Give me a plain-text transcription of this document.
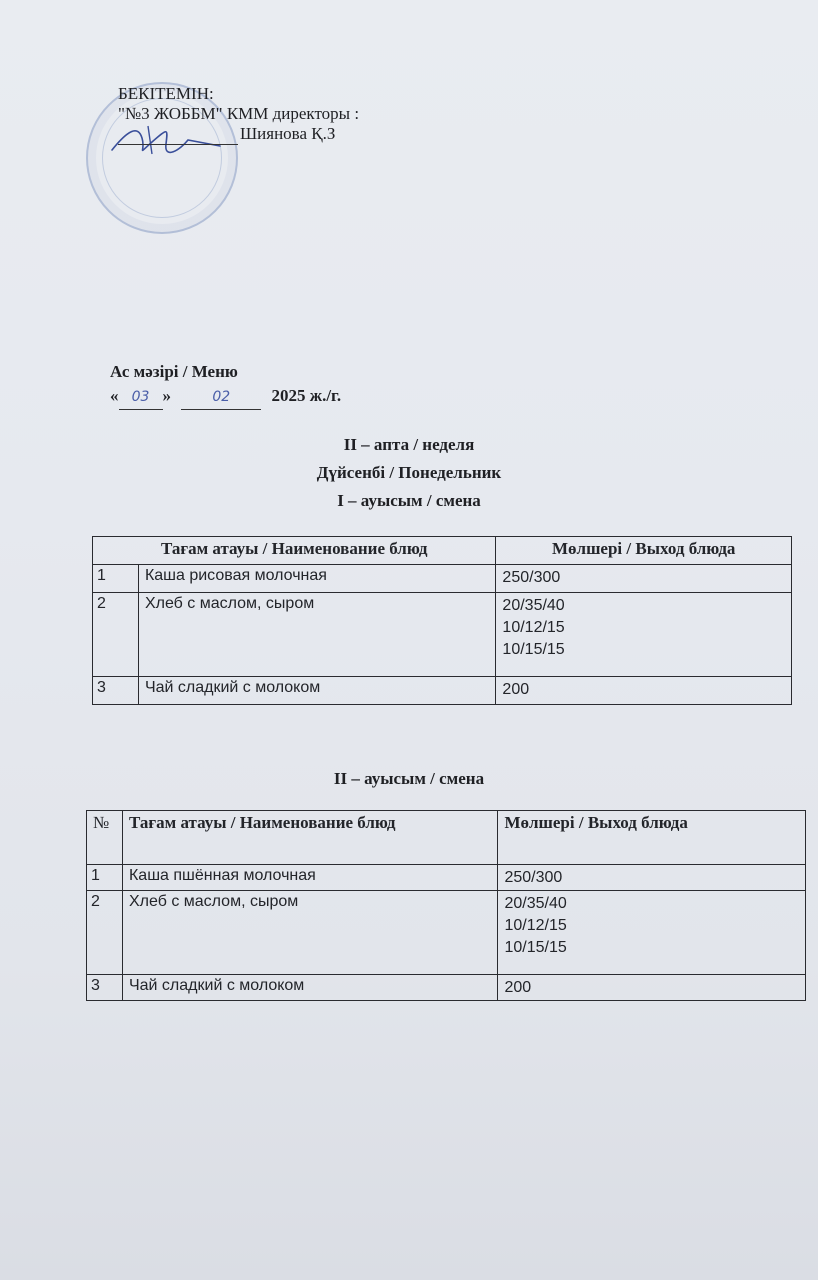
БЕКІТЕМІН:
"№3 ЖОББМ" КММ директоры :
Шиянова Қ.З
Ас мәзірі / Меню
« 03 »	02 2025 ж./г.
II – апта / неделя
Дүйсенбі / Понедельник
I – ауысым / смена
Тағам атауы / Наименование блюд		Мөлшері / Выход блюда
1	Каша рисовая молочная	250/300

2	Хлеб с маслом, сыром	20/35/40
10/12/15
10/15/15

3	Чай сладкий с молоком	200
II – ауысым / смена
№	Тағам атауы / Наименование блюд	Мөлшері / Выход блюда
1	Каша пшённая молочная	250/300

2	Хлеб с маслом, сыром	20/35/40
10/12/15
10/15/15

3	Чай сладкий с молоком	200
